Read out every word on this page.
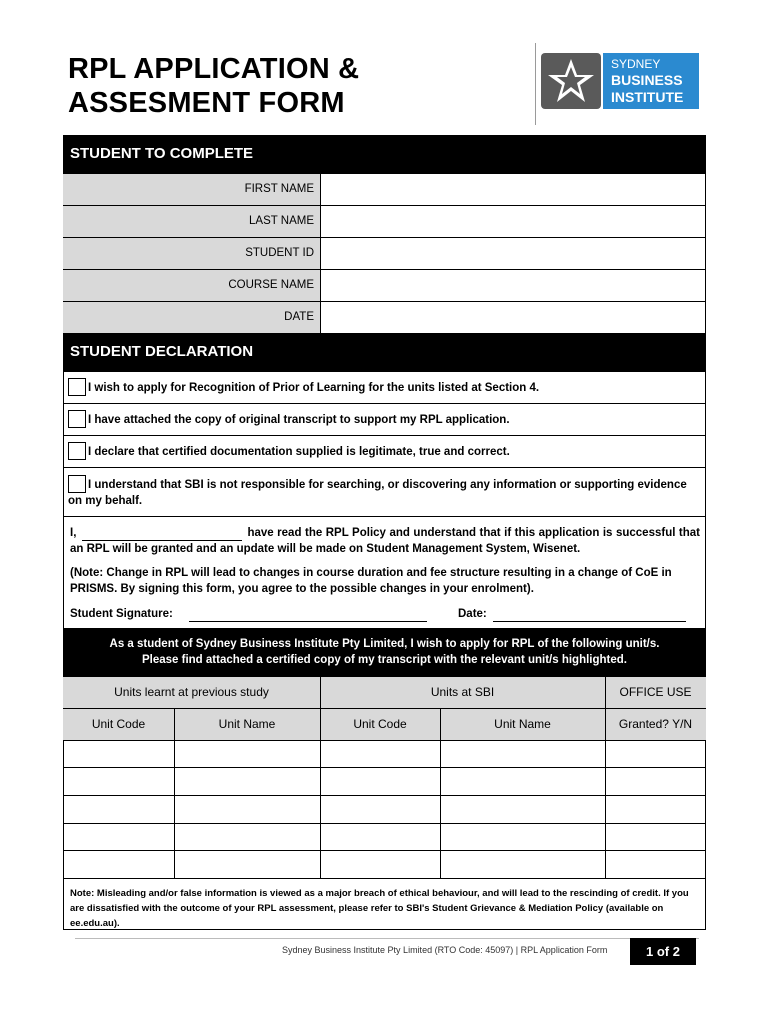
RPL APPLICATION &
ASSESMENT FORM
SYDNEY
BUSINESS
INSTITUTE
STUDENT TO COMPLETE
FIRST NAME
LAST NAME
STUDENT ID
COURSE NAME
DATE
STUDENT DECLARATION
I wish to apply for Recognition of Prior of Learning for the units listed at Section 4.
I have attached the copy of original transcript to support my RPL application.
I declare that certified documentation supplied is legitimate, true and correct.
I understand that SBI is not responsible for searching, or discovering any information or supporting evidence on my behalf.
I,	have read the RPL Policy and understand that if this application is successful that an RPL will be granted and an update will be made on Student Management System, Wisenet.
(Note: Change in RPL will lead to changes in course duration and fee structure resulting in a change of CoE in PRISMS. By signing this form, you agree to the possible changes in your enrolment).
Student Signature:	Date:
As a student of Sydney Business Institute Pty Limited, I wish to apply for RPL of the following unit/s.
Please find attached a certified copy of my transcript with the relevant unit/s highlighted.
Units learnt at previous study	Units at SBI	OFFICE USE
Unit Code	Unit Name	Unit Code	Unit Name	Granted? Y/N
Note: Misleading and/or false information is viewed as a major breach of ethical behaviour, and will lead to the rescinding of credit. If you are dissatisfied with the outcome of your RPL assessment, please refer to SBI's Student Grievance & Mediation Policy (available on ee.edu.au).
Sydney Business Institute Pty Limited (RTO Code: 45097) | RPL Application Form	1 of 2
